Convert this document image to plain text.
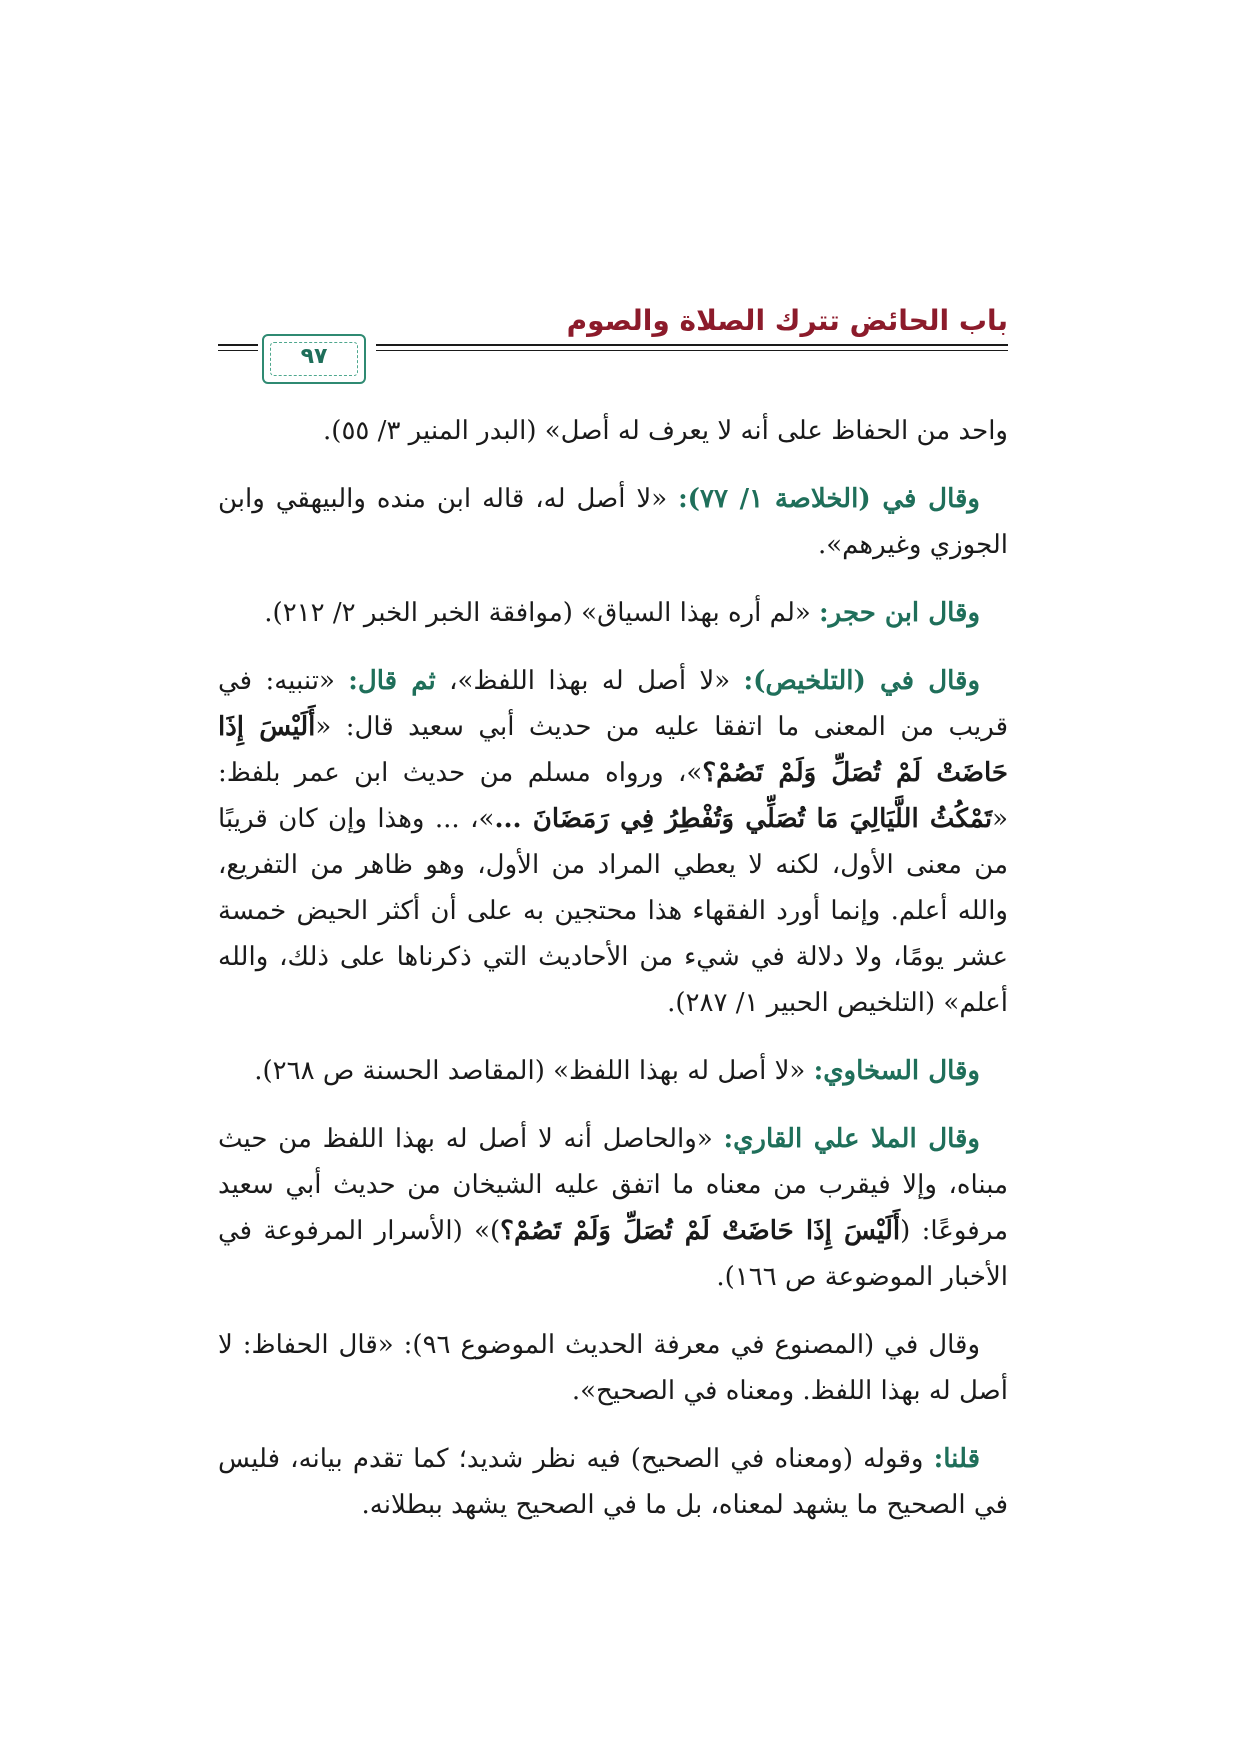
باب الحائض تترك الصلاة والصوم
٩٧

واحد من الحفاظ على أنه لا يعرف له أصل» (البدر المنير ٣/ ٥٥).

وقال في (الخلاصة ١/ ٧٧): «لا أصل له، قاله ابن منده والبيهقي وابن الجوزي وغيرهم».

وقال ابن حجر: «لم أره بهذا السياق» (موافقة الخبر الخبر ٢/ ٢١٢).

وقال في (التلخيص): «لا أصل له بهذا اللفظ»، ثم قال: «تنبيه: في قريب من المعنى ما اتفقا عليه من حديث أبي سعيد قال: «أَلَيْسَ إِذَا حَاضَتْ لَمْ تُصَلِّ وَلَمْ تَصُمْ؟»، ورواه مسلم من حديث ابن عمر بلفظ: «تَمْكُثُ اللَّيَالِيَ مَا تُصَلِّي وَتُفْطِرُ فِي رَمَضَانَ ...»، ... وهذا وإن كان قريبًا من معنى الأول، لكنه لا يعطي المراد من الأول، وهو ظاهر من التفريع، والله أعلم. وإنما أورد الفقهاء هذا محتجين به على أن أكثر الحيض خمسة عشر يومًا، ولا دلالة في شيء من الأحاديث التي ذكرناها على ذلك، والله أعلم» (التلخيص الحبير ١/ ٢٨٧).

وقال السخاوي: «لا أصل له بهذا اللفظ» (المقاصد الحسنة ص ٢٦٨).

وقال الملا علي القاري: «والحاصل أنه لا أصل له بهذا اللفظ من حيث مبناه، وإلا فيقرب من معناه ما اتفق عليه الشيخان من حديث أبي سعيد مرفوعًا: (أَلَيْسَ إِذَا حَاضَتْ لَمْ تُصَلِّ وَلَمْ تَصُمْ؟)» (الأسرار المرفوعة في الأخبار الموضوعة ص ١٦٦).

وقال في (المصنوع في معرفة الحديث الموضوع ٩٦): «قال الحفاظ: لا أصل له بهذا اللفظ. ومعناه في الصحيح».

قلنا: وقوله (ومعناه في الصحيح) فيه نظر شديد؛ كما تقدم بيانه، فليس في الصحيح ما يشهد لمعناه، بل ما في الصحيح يشهد ببطلانه.
